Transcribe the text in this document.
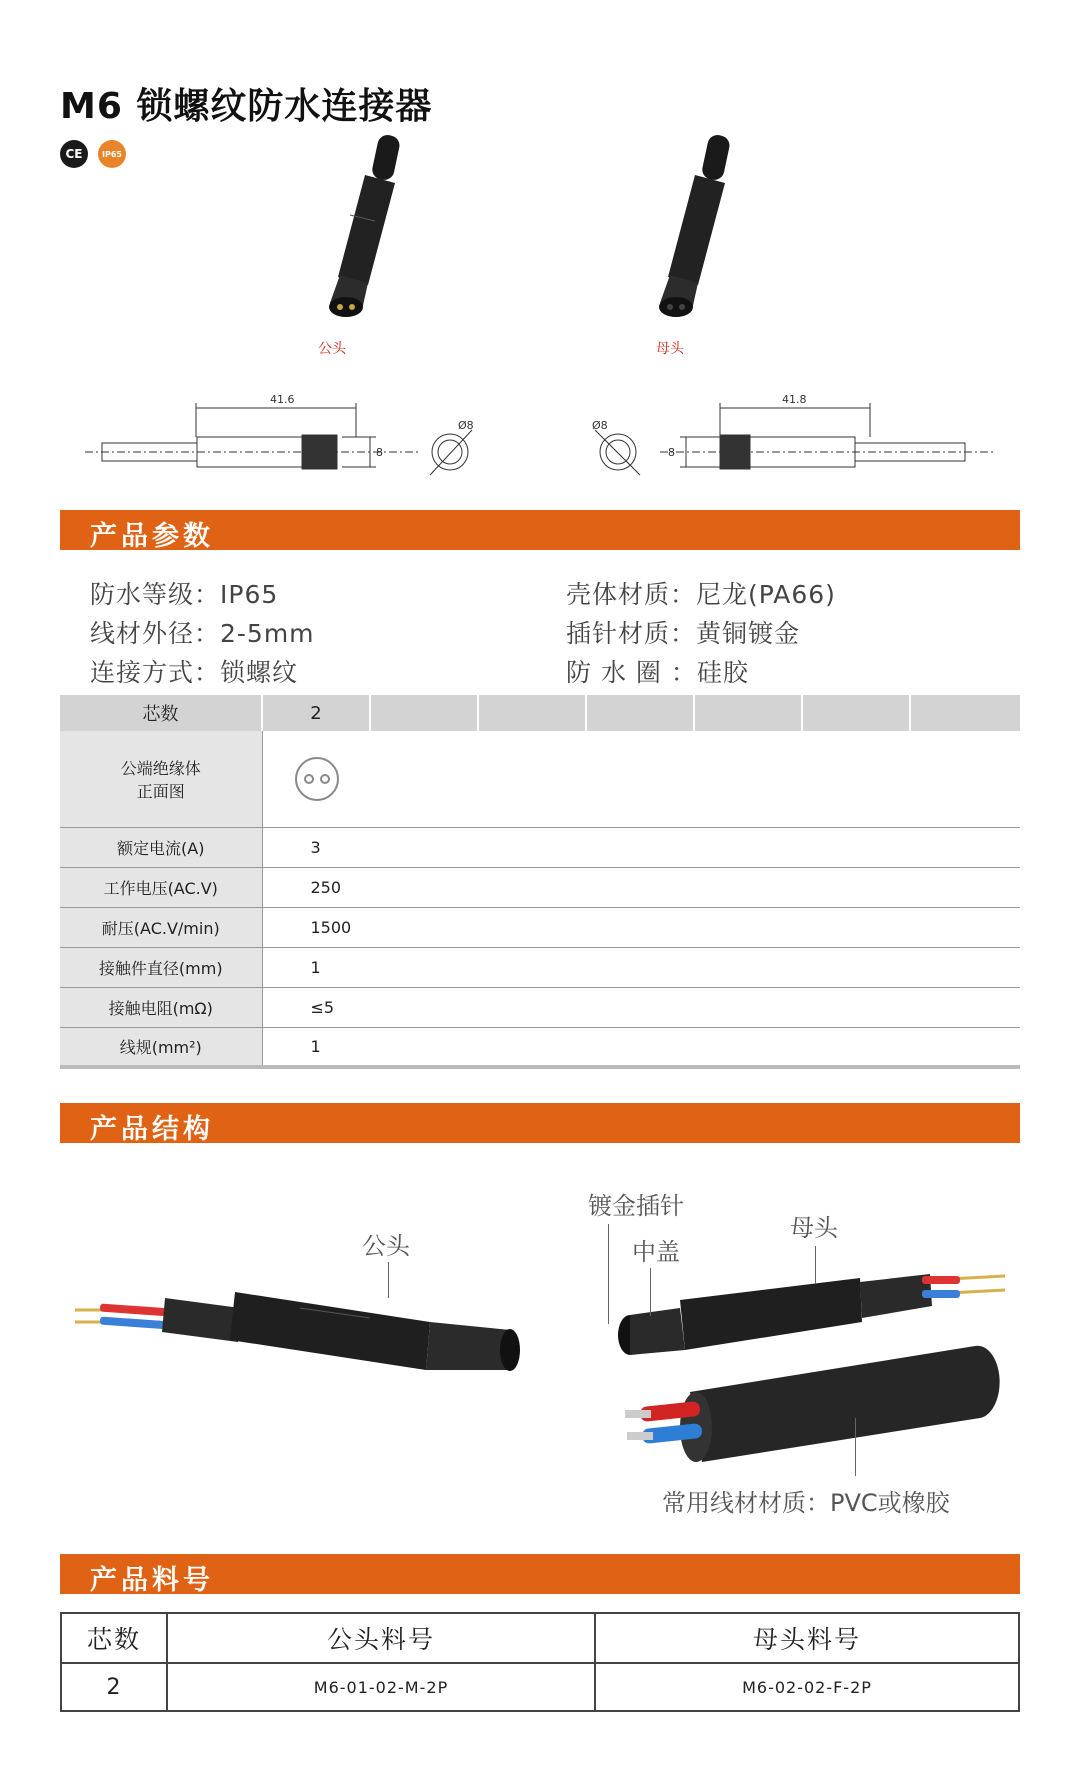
M6 锁螺纹防水连接器
CE	IP65
公头	母头
41.6
8
Ø8	Ø8
41.8
8
产品参数
防水等级：IP65
线材外径：2-5mm
连接方式：锁螺纹
壳体材质：尼龙(PA66)
插针材质：黄铜镀金
防 水 圈 ：硅胶
芯数	2						
公端绝缘体
正面图							

额定电流(A)	3						
工作电压(AC.V)	250						
耐压(AC.V/min)	1500						
接触件直径(mm)	1						
接触电阻(mΩ)	≤5						
线规(mm²)	1						
产品结构
公头
镀金插针
中盖
母头
常用线材材质：PVC或橡胶
产品料号
芯数	公头料号	母头料号
2	M6-01-02-M-2P	M6-02-02-F-2P
